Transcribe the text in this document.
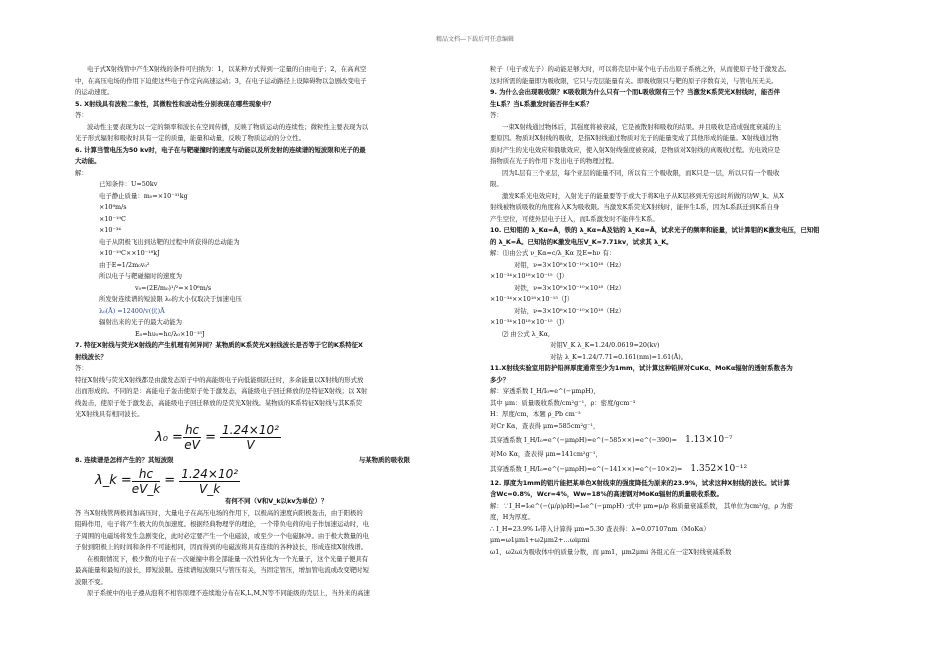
精品文档---下载后可任意编辑
电子式X射线管中产生X射线的条件可归纳为：1，以某种方式得到一定量的自由电子；2，在高真空
中，在高压电场的作用下迫使这些电子作定向高速运动；3，在电子运动路径上设障碍物以急剧改变电子
的运动速度。
5. X射线具有波粒二象性，其微粒性和波动性分别表现在哪些现象中？
答：
波动性主要表现为以一定的频率和波长在空间传播，反映了物质运动的连续性；微粒性主要表现为以
光子形式辐射和吸收时具有一定的质量，能量和动量，反映了物质运动的分立性。
6. 计算当管电压为50 kv时，电子在与靶碰撞时的速度与动能以及所发射的连续谱的短波限和光子的最
大动能。
解：
已知条件：U=50kv
电子静止质量：m₀=×10⁻³¹kg
×10⁸m/s
×10⁻¹⁹C
×10⁻³⁴
电子从阴极飞出到达靶的过程中所获得的总动能为
×10⁻¹⁹C××10⁻¹⁸kJ
由于E=1/2m₀v₀²
所以电子与靶碰撞时的速度为
v₀=(2E/m₀)¹/²=×10⁶m/s
所发射连续谱的短波限 λ₀的大小仅取决于加速电压
λ₀(Å) =12400/v(伏)Å
辐射出来的光子的最大动能为
E₀=hυ₀=hc/λ₀×10⁻¹⁵J
7. 特征X射线与荧光X射线的产生机理有何异同？某物质的K系荧光X射线波长是否等于它的K系特征X
射线波长？
答：
特征X射线与荧光X射线都是由激发态原子中的高能级电子向低能级跃迁时，多余能量以X射线的形式放
出而形成的。不同的是：高能电子轰击使原子处于激发态，高能级电子回迁释放的是特征X射线；以 X射
线轰击，使原子处于激发态，高能级电子回迁释放的是荧光X射线。某物质的K系特征X射线与其K系荧
光X射线具有相同波长。
$\lambda_0 = \frac{hc}{eV} = \frac{\text{1.24×10²}}{V}$
8. 连续谱是怎样产生的？其短波限	与某物质的吸收限
λ_k = $\frac{hc}{eV\_k} = \frac{\text{1.24×10²}}{V\_k}$
有何不同（V和V_k以kv为单位）？
答 当X射线管两极间加高压时，大量电子在高压电场的作用下，以极高的速度向阳极轰击，由于阳极的
阻碍作用，电子将产生极大的负加速度。根据经典物理学的理论，一个带负电荷的电子作加速运动时，电
子周围的电磁场将发生急剧变化，此时必定要产生一个电磁波，或至少一个电磁脉冲。由于极大数量的电
子射到阳极上的时间和条件不可能相同，因而得到的电磁波将具有连续的各种波长，形成连续X射线谱。
在极限情况下，极少数的电子在一次碰撞中将全部能量一次性转化为一个光量子，这个光量子便具有
最高能量和最短的波长，即短波限。连续谱短波限只与管压有关，当固定管压，增加管电流或改变靶时短
波限不变。
原子系统中的电子遵从泡利不相容原理不连续地分布在K,L,M,N等不同能级的壳层上，当外来的高速
粒子（电子或光子）的动能足够大时，可以将壳层中某个电子击出原子系统之外，从而使原子处于激发态。
这时所需的能量即为吸收限，它只与壳层能量有关。即吸收限只与靶的原子序数有关，与管电压无关。
9. 为什么会出现吸收限？K吸收限为什么只有一个而L吸收限有三个？当激发K系荧光X射线时，能否伴
生L系？当L系激发时能否伴生K系？
答：
一束X射线通过物体后，其强度将被衰减，它是被散射和吸收的结果。并且吸收是造成强度衰减的主
要原因。物质对X射线的吸收，是指X射线通过物质对光子的能量变成了其他形成的能量。X射线通过物
质时产生的光电效应和俄歇效应，使入射X射线强度被衰减，是物质对X射线的真吸收过程。光电效应是
指物质在光子的作用下发出电子的物理过程。
因为L层有三个亚层，每个亚层的能量不同，所以有三个吸收限，而K只是一层，所以只有一个吸收
限。
激发K系光电效应时，入射光子的能量要等于或大于将K电子从K层移到无穷远时所做的功W_k。从X
射线被物质吸收的角度称入K为吸收限。当激发K系荧光X射线时，能伴生L系，因为L系跃迁到K系自身
产生空位，可使外层电子迁入，而L系激发时不能伴生K系。
10. 已知钼的 λ_Kα=Å，铁的 λ_Kα=Å及钴的 λ_Kα=Å，试求光子的频率和能量，试计算钼的K激发电压，已知钼
的 λ_K=Å。已知钴的K激发电压V_K=7.71kv，试求其 λ_K。
解：⑴由公式 ν_Kα=c/λ_Kα 及E=hν 有：
对钼，ν=3×10⁸×10⁻¹⁰×10¹⁸（Hz）
×10⁻³⁴×10¹⁸×10⁻¹⁵（J）
对铁，ν=3×10⁸×10⁻¹⁰×10¹⁸（Hz）
×10⁻³⁴××10¹⁸×10⁻¹⁵（J）
对钴，ν=3×10⁸×10⁻¹⁰×10¹⁸（Hz）
×10⁻³⁴×10¹⁸×10⁻¹⁵（J）
⑵ 由公式 λ_Kα,
对钼V_K λ_K=1.24/0.0619=20(kv)
对钴 λ_K=1.24/7.71=0.161(nm)=1.61(Å)。
11.X射线实验室用防护铅屏厚度通常至少为1mm，试计算这种铅屏对CuKα、MoKα辐射的透射系数各为
多少？
解：穿透系数 I_H/I₀=e^(−μmρH)，
其中 μm：质量吸收系数/cm²g⁻¹，ρ：密度/gcm⁻³
H：厚度/cm，本题 ρ_Pb cm⁻³
对Cr Kα，查表得 μm=585cm²g⁻¹，
其穿透系数 I_H/I₀=e^(−μmρH)=e^(−585××)=e^(−390)= 1.13×10⁻⁷
对Mo Kα，查表得 μm=141cm²g⁻¹，
其穿透系数 I_H/I₀=e^(−μmρH)=e^(−141××)=e^(−10×2)= 1.352×10⁻¹²
12. 厚度为1mm的铝片能把某单色X射线束的强度降低为原来的23.9%，试求这种X射线的波长。试计算
含Wc=0.8%，Wcr=4%，Ww=18%的高速钢对MoKα辐射的质量吸收系数。
解：∵I_H=I₀e^(−(μ/ρ)ρH)=I₀e^(−μmρH) ·式中 μm=μ/ρ 称质量衰减系数， 其单位为cm²/g，ρ 为密
度，H为厚度。
∴ I_H=23.9% I₀带入计算得 μm=5.30 查表得：λ=0.07107nm（MoKα）
μm=ω1μm1+ω2μm2+…ωiμmi
ω1，ω2ωi为吸收体中的质量分数，而 μm1，μm2μmi 各组元在一定X射线衰减系数
